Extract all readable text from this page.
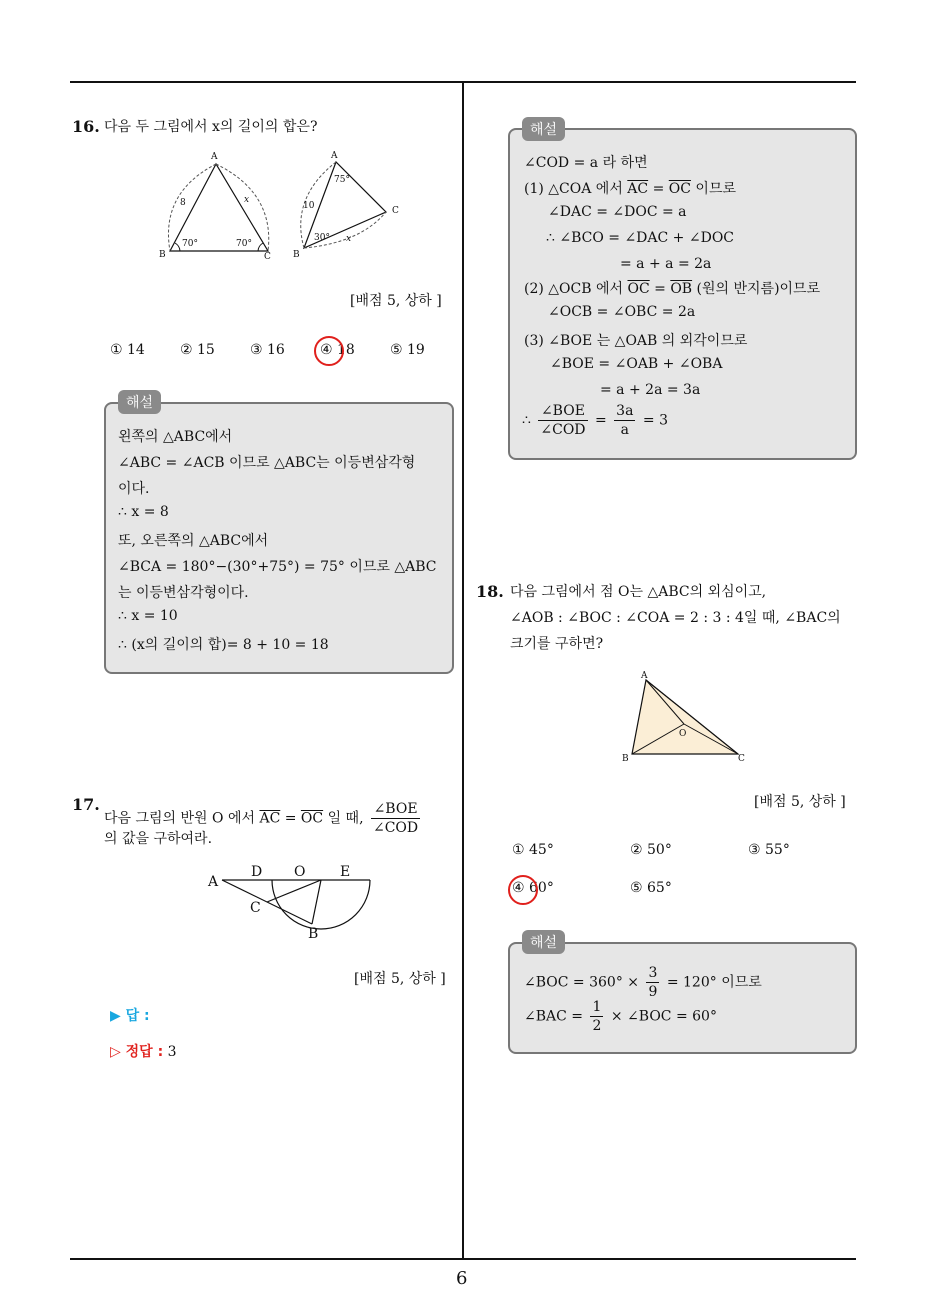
6
16. 다음 두 그림에서 x의 길이의 합은?
A
B	C
8	x
70°	70°
A
B
C
10
x
75°
30°
[배점 5, 상하 ]
① 14	② 15	③ 16	④ 18	⑤ 19
왼쪽의 △ABC에서
∠ABC = ∠ACB 이므로 △ABC는 이등변삼각형
이다.
∴ x = 8
또, 오른쪽의 △ABC에서
∠BCA = 180°−(30°+75°) = 75° 이므로 △ABC
는 이등변삼각형이다.
∴ x = 10
∴ (x의 길이의 합)= 8 + 10 = 18
해설
17.
다음 그림의 반원 O 에서 $\overline{AC} = \overline{OC}$ 일 때, $\frac{\text{∠BOE}}{\text{∠COD}}$
의 값을 구하여라.
A
D O E
C
B
[배점 5, 상하 ]
▶ 답 :
▷ 정답 : 3
∠COD = a 라 하면
(1) △COA 에서 $\overline{AC} = \overline{OC}$ 이므로
∠DAC = ∠DOC = a
∴ ∠BCO = ∠DAC + ∠DOC
= a + a = 2a
(2) △OCB 에서 $\overline{OC} = \overline{OB}$ (원의 반지름)이므로
∠OCB = ∠OBC = 2a
(3) ∠BOE 는 △OAB 의 외각이므로
∠BOE = ∠OAB + ∠OBA
= a + 2a = 3a
∴ $\frac{\text{∠BOE}}{\text{∠COD}} = \frac{3a}{a} = 3$
해설
18. 다음 그림에서 점 O는 △ABC의 외심이고,
∠AOB : ∠BOC : ∠COA = 2 : 3 : 4일 때, ∠BAC의
크기를 구하면?
A
B	C
O
[배점 5, 상하 ]
① 45°	② 50°	③ 55°
④ 60°	⑤ 65°
∠BOC = $360^\circ \times \frac{3}{9} = 120^\circ$ 이므로
∠BAC = $\frac{1}{2}$ × ∠BOC = 60°
해설
